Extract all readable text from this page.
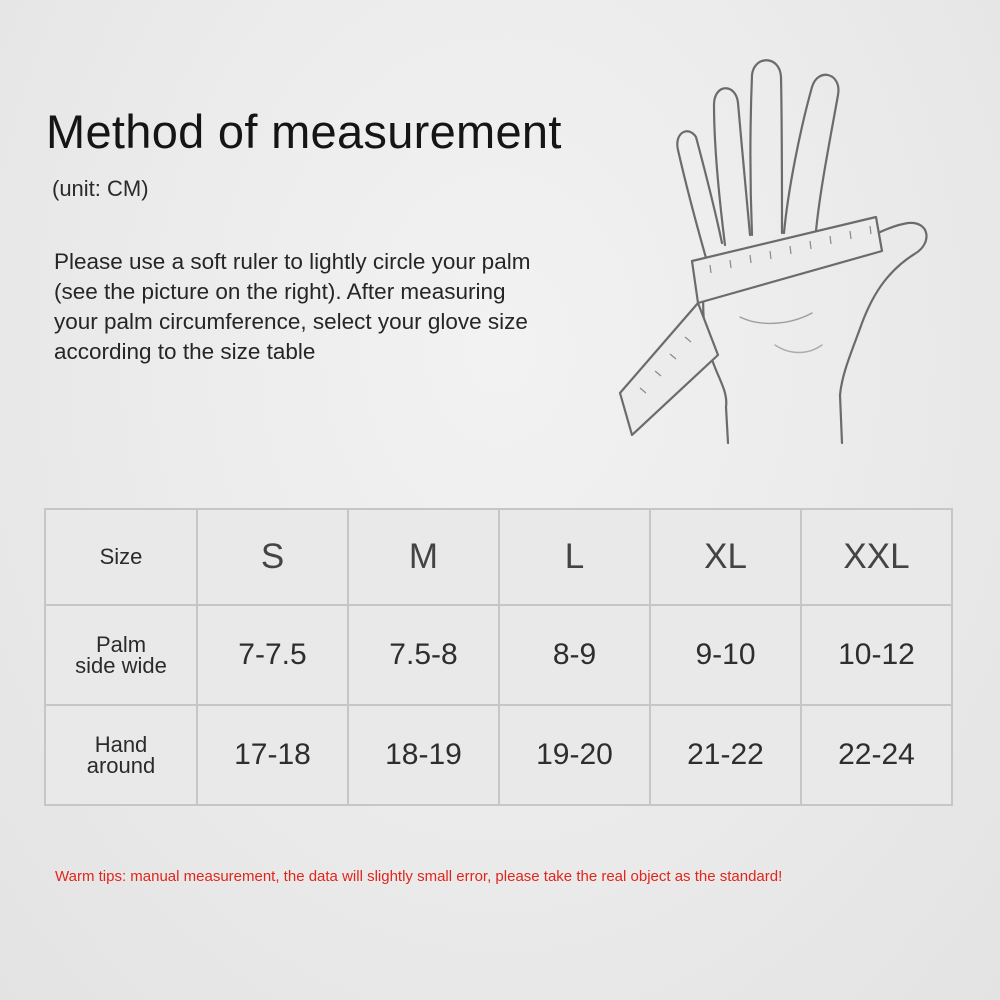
Method of measurement
(unit: CM)
Please use a soft ruler to lightly circle your palm
(see the picture on the right). After measuring
your palm circumference, select your glove size
according to the size table
Size	S	M	L	XL	XXL

Palm
side wide	7-7.5	7.5-8	8-9	9-10	10-12

Hand
around	17-18	18-19	19-20	21-22	22-24
Warm tips: manual measurement, the data will slightly small error, please take the real object as the standard!
